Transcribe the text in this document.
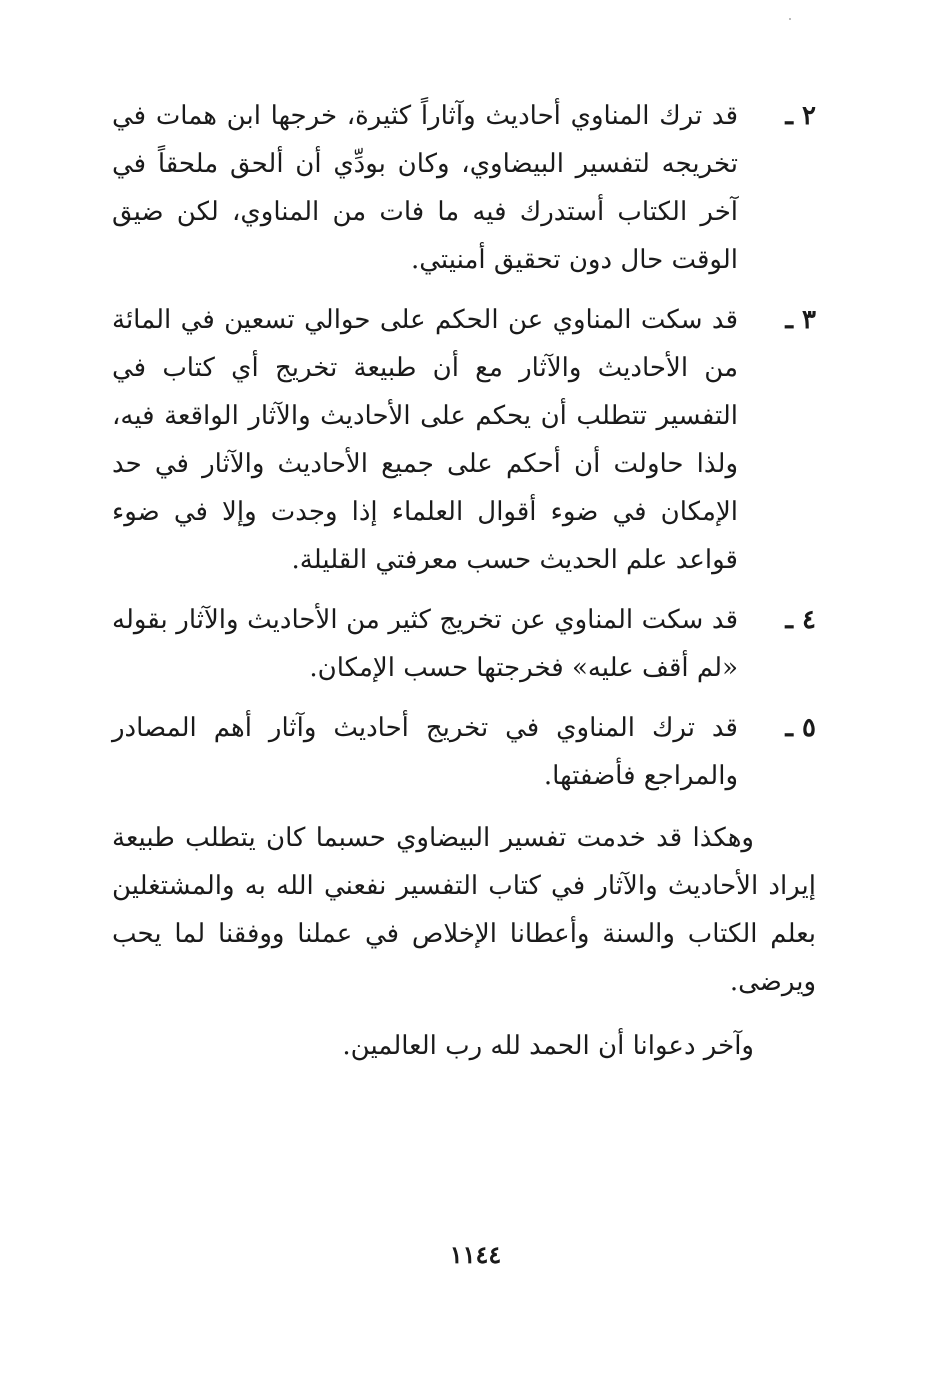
٢ ـ
قد ترك المناوي أحاديث وآثاراً كثيرة، خرجها ابن همات في تخريجه لتفسير البيضاوي، وكان بودِّي أن ألحق ملحقاً في آخر الكتاب أستدرك فيه ما فات من المناوي، لكن ضيق الوقت حال دون تحقيق أمنيتي.
٣ ـ
قد سكت المناوي عن الحكم على حوالي تسعين في المائة من الأحاديث والآثار مع أن طبيعة تخريج أي كتاب في التفسير تتطلب أن يحكم على الأحاديث والآثار الواقعة فيه، ولذا حاولت أن أحكم على جميع الأحاديث والآثار في حد الإمكان في ضوء أقوال العلماء إذا وجدت وإلا في ضوء قواعد علم الحديث حسب معرفتي القليلة.
٤ ـ
قد سكت المناوي عن تخريج كثير من الأحاديث والآثار بقوله «لم أقف عليه» فخرجتها حسب الإمكان.
٥ ـ
قد ترك المناوي في تخريج أحاديث وآثار أهم المصادر والمراجع فأضفتها.
وهكذا قد خدمت تفسير البيضاوي حسبما كان يتطلب طبيعة إيراد الأحاديث والآثار في كتاب التفسير نفعني الله به والمشتغلين بعلم الكتاب والسنة وأعطانا الإخلاص في عملنا ووفقنا لما يحب ويرضى.
وآخر دعوانا أن الحمد لله رب العالمين.
١١٤٤
